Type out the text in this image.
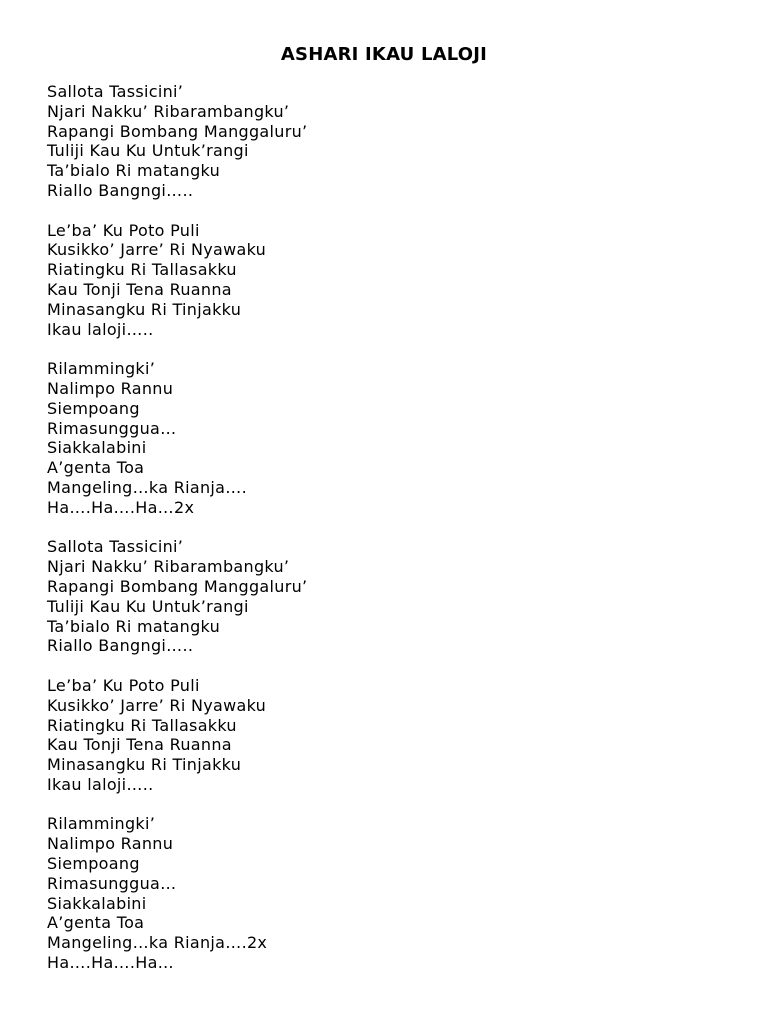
ASHARI IKAU LALOJI
Sallota Tassicini’
Njari Nakku’ Ribarambangku’
Rapangi Bombang Manggaluru’
Tuliji Kau Ku Untuk’rangi
Ta’bialo Ri matangku
Riallo Bangngi…..
Le’ba’ Ku Poto Puli
Kusikko’ Jarre’ Ri Nyawaku
Riatingku Ri Tallasakku
Kau Tonji Tena Ruanna
Minasangku Ri Tinjakku
Ikau laloji…..
Rilammingki’
Nalimpo Rannu
Siempoang
Rimasunggua…
Siakkalabini
A’genta Toa
Mangeling…ka Rianja….
Ha….Ha….Ha…2x
Sallota Tassicini’
Njari Nakku’ Ribarambangku’
Rapangi Bombang Manggaluru’
Tuliji Kau Ku Untuk’rangi
Ta’bialo Ri matangku
Riallo Bangngi…..
Le’ba’ Ku Poto Puli
Kusikko’ Jarre’ Ri Nyawaku
Riatingku Ri Tallasakku
Kau Tonji Tena Ruanna
Minasangku Ri Tinjakku
Ikau laloji…..
Rilammingki’
Nalimpo Rannu
Siempoang
Rimasunggua…
Siakkalabini
A’genta Toa
Mangeling…ka Rianja….2x
Ha….Ha….Ha…
